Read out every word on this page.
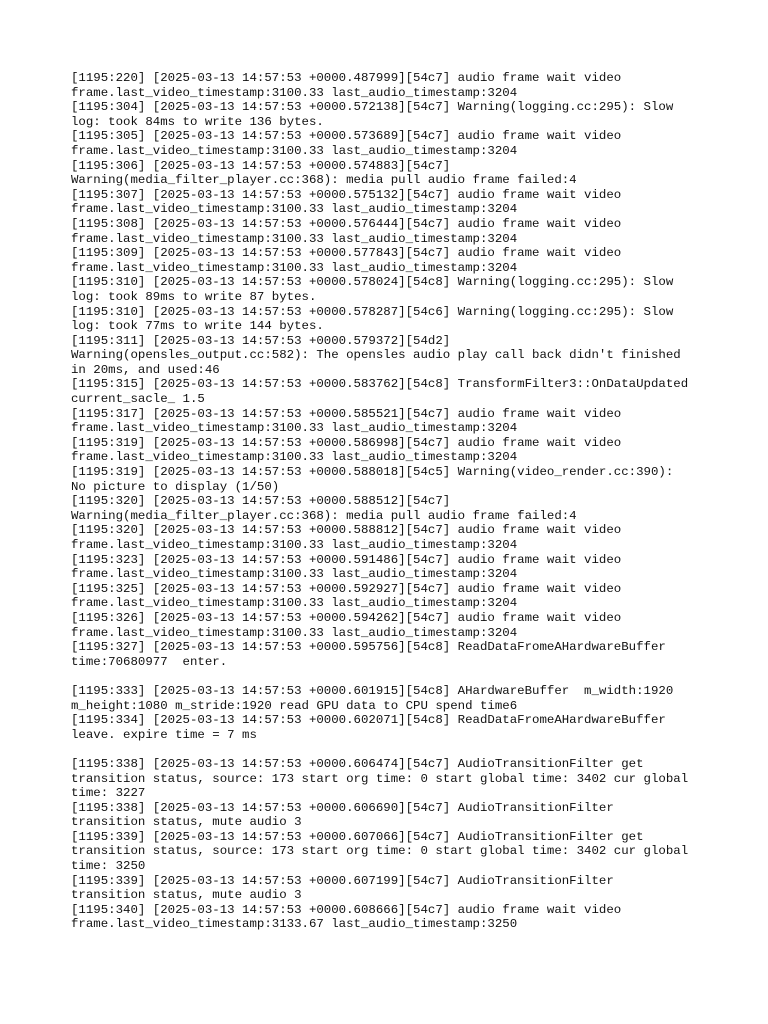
[1195:220] [2025-03-13 14:57:53 +0000.487999][54c7] audio frame wait video
frame.last_video_timestamp:3100.33 last_audio_timestamp:3204
[1195:304] [2025-03-13 14:57:53 +0000.572138][54c7] Warning(logging.cc:295): Slow
log: took 84ms to write 136 bytes.
[1195:305] [2025-03-13 14:57:53 +0000.573689][54c7] audio frame wait video
frame.last_video_timestamp:3100.33 last_audio_timestamp:3204
[1195:306] [2025-03-13 14:57:53 +0000.574883][54c7]
Warning(media_filter_player.cc:368): media pull audio frame failed:4
[1195:307] [2025-03-13 14:57:53 +0000.575132][54c7] audio frame wait video
frame.last_video_timestamp:3100.33 last_audio_timestamp:3204
[1195:308] [2025-03-13 14:57:53 +0000.576444][54c7] audio frame wait video
frame.last_video_timestamp:3100.33 last_audio_timestamp:3204
[1195:309] [2025-03-13 14:57:53 +0000.577843][54c7] audio frame wait video
frame.last_video_timestamp:3100.33 last_audio_timestamp:3204
[1195:310] [2025-03-13 14:57:53 +0000.578024][54c8] Warning(logging.cc:295): Slow
log: took 89ms to write 87 bytes.
[1195:310] [2025-03-13 14:57:53 +0000.578287][54c6] Warning(logging.cc:295): Slow
log: took 77ms to write 144 bytes.
[1195:311] [2025-03-13 14:57:53 +0000.579372][54d2]
Warning(opensles_output.cc:582): The opensles audio play call back didn't finished
in 20ms, and used:46
[1195:315] [2025-03-13 14:57:53 +0000.583762][54c8] TransformFilter3::OnDataUpdated
current_sacle_ 1.5
[1195:317] [2025-03-13 14:57:53 +0000.585521][54c7] audio frame wait video
frame.last_video_timestamp:3100.33 last_audio_timestamp:3204
[1195:319] [2025-03-13 14:57:53 +0000.586998][54c7] audio frame wait video
frame.last_video_timestamp:3100.33 last_audio_timestamp:3204
[1195:319] [2025-03-13 14:57:53 +0000.588018][54c5] Warning(video_render.cc:390):
No picture to display (1/50)
[1195:320] [2025-03-13 14:57:53 +0000.588512][54c7]
Warning(media_filter_player.cc:368): media pull audio frame failed:4
[1195:320] [2025-03-13 14:57:53 +0000.588812][54c7] audio frame wait video
frame.last_video_timestamp:3100.33 last_audio_timestamp:3204
[1195:323] [2025-03-13 14:57:53 +0000.591486][54c7] audio frame wait video
frame.last_video_timestamp:3100.33 last_audio_timestamp:3204
[1195:325] [2025-03-13 14:57:53 +0000.592927][54c7] audio frame wait video
frame.last_video_timestamp:3100.33 last_audio_timestamp:3204
[1195:326] [2025-03-13 14:57:53 +0000.594262][54c7] audio frame wait video
frame.last_video_timestamp:3100.33 last_audio_timestamp:3204
[1195:327] [2025-03-13 14:57:53 +0000.595756][54c8] ReadDataFromeAHardwareBuffer
time:70680977  enter.
[1195:333] [2025-03-13 14:57:53 +0000.601915][54c8] AHardwareBuffer  m_width:1920
m_height:1080 m_stride:1920 read GPU data to CPU spend time6
[1195:334] [2025-03-13 14:57:53 +0000.602071][54c8] ReadDataFromeAHardwareBuffer
leave. expire time = 7 ms
[1195:338] [2025-03-13 14:57:53 +0000.606474][54c7] AudioTransitionFilter get
transition status, source: 173 start org time: 0 start global time: 3402 cur global
time: 3227
[1195:338] [2025-03-13 14:57:53 +0000.606690][54c7] AudioTransitionFilter
transition status, mute audio 3
[1195:339] [2025-03-13 14:57:53 +0000.607066][54c7] AudioTransitionFilter get
transition status, source: 173 start org time: 0 start global time: 3402 cur global
time: 3250
[1195:339] [2025-03-13 14:57:53 +0000.607199][54c7] AudioTransitionFilter
transition status, mute audio 3
[1195:340] [2025-03-13 14:57:53 +0000.608666][54c7] audio frame wait video
frame.last_video_timestamp:3133.67 last_audio_timestamp:3250
